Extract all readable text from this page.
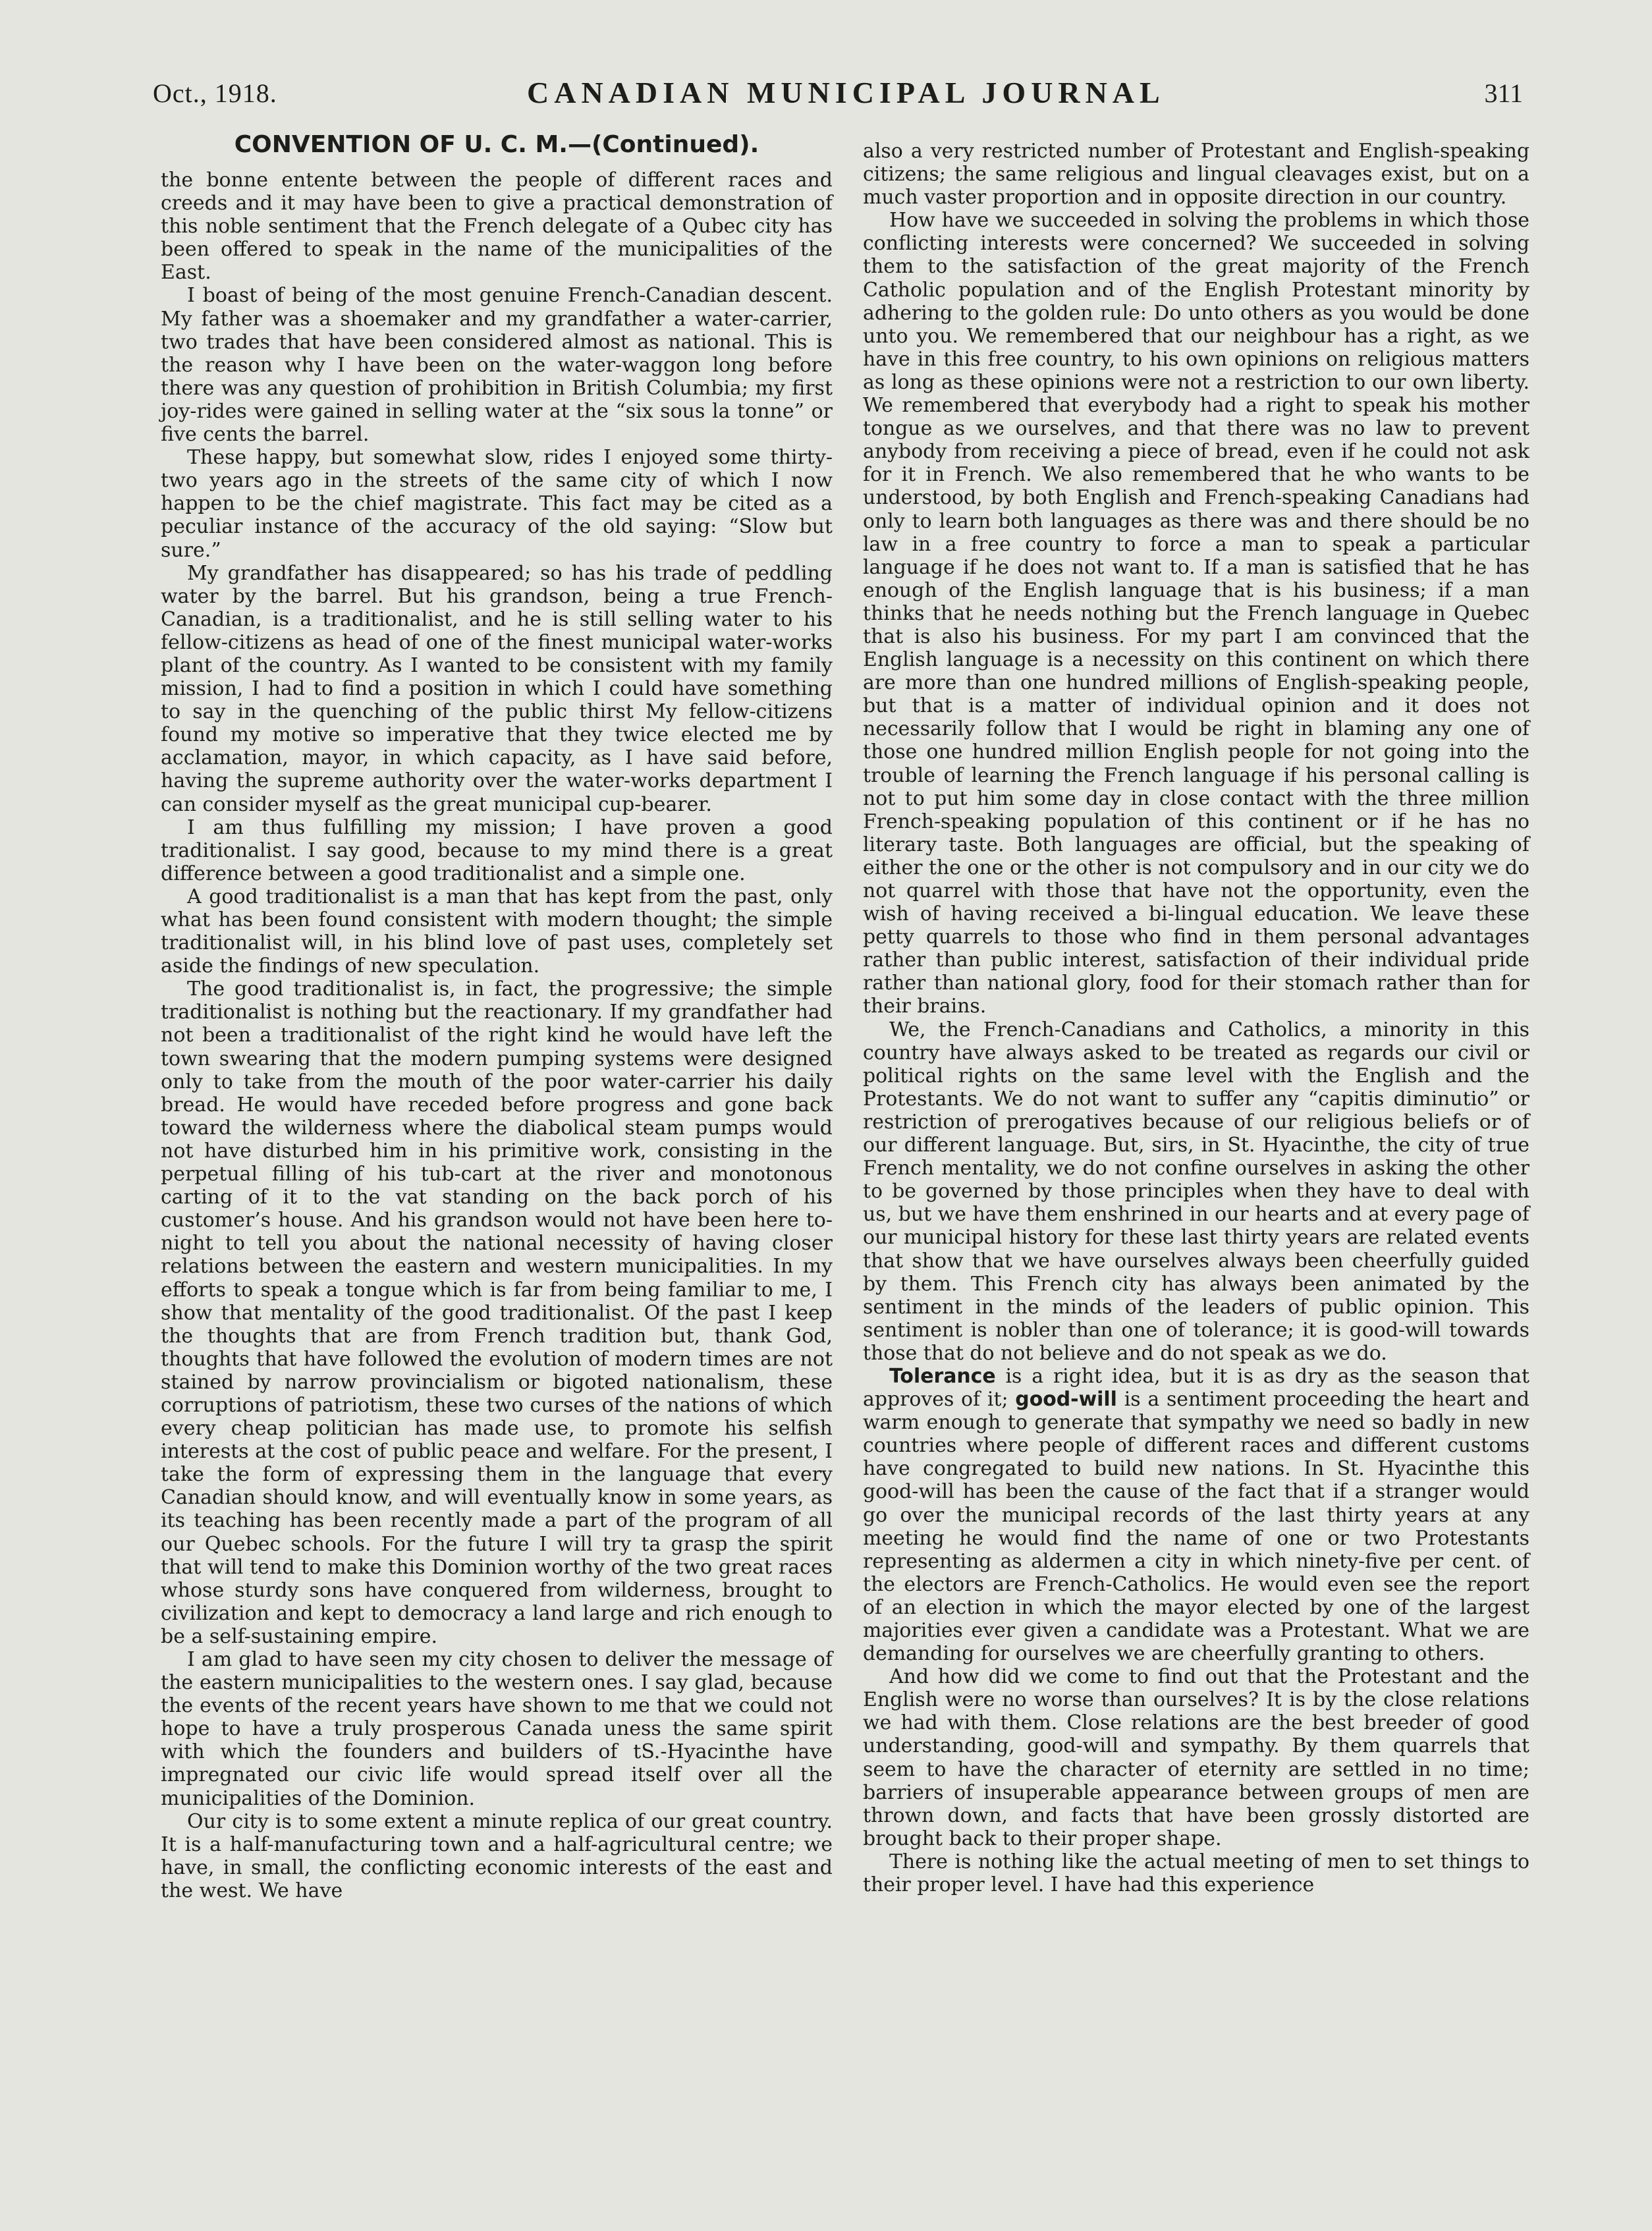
Oct., 1918.	CANADIAN MUNICIPAL JOURNAL	311
CONVENTION OF U. C. M.—(Continued).

the bonne entente between the people of different races and creeds and it may have been to give a practical demonstration of this noble sentiment that the French delegate of a Qubec city has been offered to speak in the name of the municipalities of the East.

I boast of being of the most genuine French-Canadian descent. My father was a shoemaker and my grandfather a water-carrier, two trades that have been considered almost as national. This is the reason why I have been on the water-waggon long before there was any question of prohibition in British Columbia; my first joy-rides were gained in selling water at the “six sous la tonne” or five cents the barrel.

These happy, but somewhat slow, rides I enjoyed some thirty-two years ago in the streets of the same city of which I now happen to be the chief magistrate. This fact may be cited as a peculiar instance of the accuracy of the old saying: “Slow but sure.”

My grandfather has disappeared; so has his trade of peddling water by the barrel. But his grandson, being a true French-Canadian, is a traditionalist, and he is still selling water to his fellow-citizens as head of one of the finest municipal water-works plant of the country. As I wanted to be consistent with my family mission, I had to find a position in which I could have something to say in the quenching of the public thirst My fellow-citizens found my motive so imperative that they twice elected me by acclamation, mayor, in which capacity, as I have said before, having the supreme authority over the water-works department I can consider myself as the great municipal cup-bearer.

I am thus fulfilling my mission; I have proven a good traditionalist. I say good, because to my mind there is a great difference between a good traditionalist and a simple one.

A good traditionalist is a man that has kept from the past, only what has been found consistent with modern thought; the simple traditionalist will, in his blind love of past uses, completely set aside the findings of new speculation.

The good traditionalist is, in fact, the progressive; the simple traditionalist is nothing but the reactionary. If my grandfather had not been a traditionalist of the right kind he would have left the town swearing that the modern pumping systems were designed only to take from the mouth of the poor water-carrier his daily bread. He would have receded before progress and gone back toward the wilderness where the diabolical steam pumps would not have disturbed him in his primitive work, consisting in the perpetual filling of his tub-cart at the river and monotonous carting of it to the vat standing on the back porch of his customer’s house. And his grandson would not have been here to-night to tell you about the national necessity of having closer relations between the eastern and western municipalities. In my efforts to speak a tongue which is far from being familiar to me, I show that mentality of the good traditionalist. Of the past I keep the thoughts that are from French tradition but, thank God, thoughts that have followed the evolution of modern times are not stained by narrow provincialism or bigoted nationalism, these corruptions of patriotism, these two curses of the nations of which every cheap politician has made use, to promote his selfish interests at the cost of public peace and welfare. For the present, I take the form of expressing them in the language that every Canadian should know, and will eventually know in some years, as its teaching has been recently made a part of the program of all our Quebec schools. For the future I will try ta grasp the spirit that will tend to make this Dominion worthy of the two great races whose sturdy sons have conquered from wilderness, brought to civilization and kept to democracy a land large and rich enough to be a self-sustaining empire.

I am glad to have seen my city chosen to deliver the message of the eastern municipalities to the western ones. I say glad, because the events of the recent years have shown to me that we could not hope to have a truly prosperous Canada uness the same spirit with which the founders and builders of tS.-Hyacinthe have impregnated our civic life would spread itself over all the municipalities of the Dominion.

Our city is to some extent a minute replica of our great country. It is a half-manufacturing town and a half-agricultural centre; we have, in small, the conflicting economic interests of the east and the west. We have

also a very restricted number of Protestant and English-speaking citizens; the same religious and lingual cleavages exist, but on a much vaster proportion and in opposite direction in our country.

How have we succeeded in solving the problems in which those conflicting interests were concerned? We succeeded in solving them to the satisfaction of the great majority of the French Catholic population and of the English Protestant minority by adhering to the golden rule: Do unto others as you would be done unto you. We remembered that our neighbour has a right, as we have in this free country, to his own opinions on religious matters as long as these opinions were not a restriction to our own liberty. We remembered that everybody had a right to speak his mother tongue as we ourselves, and that there was no law to prevent anybody from receiving a piece of bread, even if he could not ask for it in French. We also remembered that he who wants to be understood, by both English and French-speaking Canadians had only to learn both languages as there was and there should be no law in a free country to force a man to speak a particular language if he does not want to. If a man is satisfied that he has enough of the English language that is his business; if a man thinks that he needs nothing but the French language in Quebec that is also his business. For my part I am convinced that the English language is a necessity on this continent on which there are more than one hundred millions of English-speaking people, but that is a matter of individual opinion and it does not necessarily follow that I would be right in blaming any one of those one hundred million English people for not going into the trouble of learning the French language if his personal calling is not to put him some day in close contact with the three million French-speaking population of this continent or if he has no literary taste. Both languages are official, but the speaking of either the one or the other is not compulsory and in our city we do not quarrel with those that have not the opportunity, even the wish of having received a bi-lingual education. We leave these petty quarrels to those who find in them personal advantages rather than public interest, satisfaction of their individual pride rather than national glory, food for their stomach rather than for their brains.

We, the French-Canadians and Catholics, a minority in this country have always asked to be treated as regards our civil or political rights on the same level with the English and the Protestants. We do not want to suffer any “capitis diminutio” or restriction of prerogatives because of our religious beliefs or of our different language. But, sirs, in St. Hyacinthe, the city of true French mentality, we do not confine ourselves in asking the other to be governed by those principles when they have to deal with us, but we have them enshrined in our hearts and at every page of our municipal history for these last thirty years are related events that show that we have ourselves always been cheerfully guided by them. This French city has always been animated by the sentiment in the minds of the leaders of public opinion. This sentiment is nobler than one of tolerance; it is good-will towards those that do not believe and do not speak as we do.

Tolerance is a right idea, but it is as dry as the season that approves of it; good-will is a sentiment proceeding the heart and warm enough to generate that sympathy we need so badly in new countries where people of different races and different customs have congregated to build new nations. In St. Hyacinthe this good-will has been the cause of the fact that if a stranger would go over the municipal records of the last thirty years at any meeting he would find the name of one or two Protestants representing as aldermen a city in which ninety-five per cent. of the electors are French-Catholics. He would even see the report of an election in which the mayor elected by one of the largest majorities ever given a candidate was a Protestant. What we are demanding for ourselves we are cheerfully granting to others.

And how did we come to find out that the Protestant and the English were no worse than ourselves? It is by the close relations we had with them. Close relations are the best breeder of good understanding, good-will and sympathy. By them quarrels that seem to have the character of eternity are settled in no time; barriers of insuperable appearance between groups of men are thrown down, and facts that have been grossly distorted are brought back to their proper shape.

There is nothing like the actual meeting of men to set things to their proper level. I have had this experience
